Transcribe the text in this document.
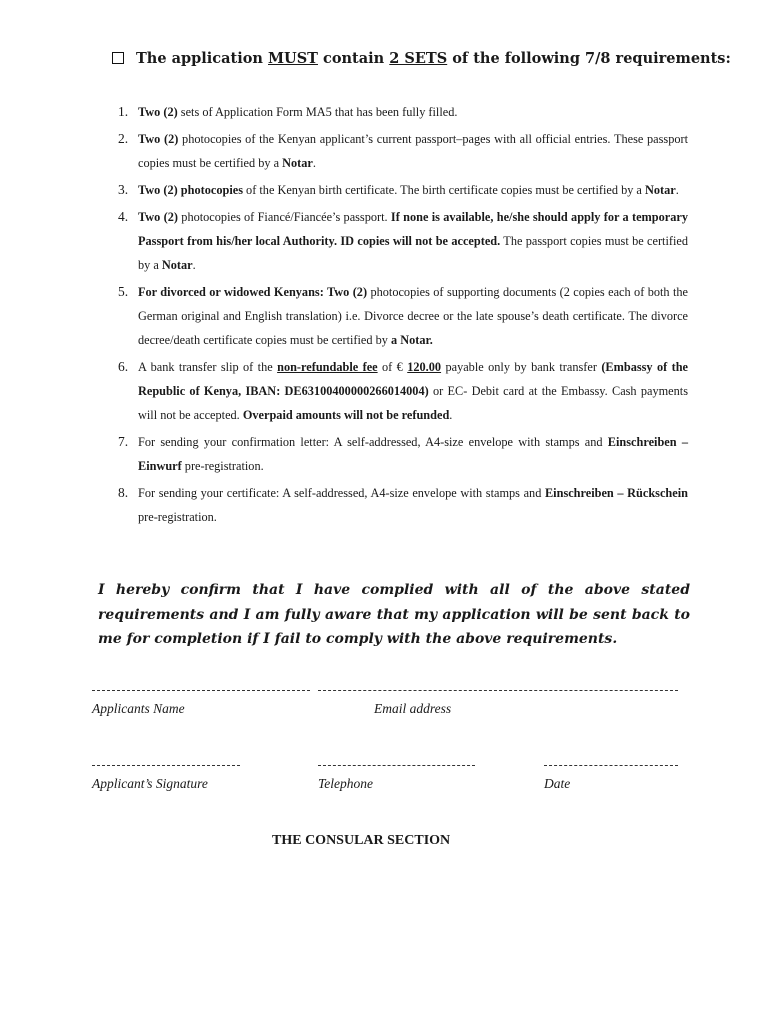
The application MUST contain 2 SETS of the following 7/8 requirements:
1. Two (2) sets of Application Form MA5 that has been fully filled.
2. Two (2) photocopies of the Kenyan applicant’s current passport–pages with all official entries. These passport copies must be certified by a Notar.
3. Two (2) photocopies of the Kenyan birth certificate. The birth certificate copies must be certified by a Notar.
4. Two (2) photocopies of Fiancé/Fiancée’s passport. If none is available, he/she should apply for a temporary Passport from his/her local Authority. ID copies will not be accepted. The passport copies must be certified by a Notar.
5. For divorced or widowed Kenyans: Two (2) photocopies of supporting documents (2 copies each of both the German original and English translation) i.e. Divorce decree or the late spouse’s death certificate. The divorce decree/death certificate copies must be certified by a Notar.
6. A bank transfer slip of the non-refundable fee of € 120.00 payable only by bank transfer (Embassy of the Republic of Kenya, IBAN: DE63100400000266014004) or EC- Debit card at the Embassy. Cash payments will not be accepted. Overpaid amounts will not be refunded.
7. For sending your confirmation letter: A self-addressed, A4-size envelope with stamps and Einschreiben – Einwurf pre-registration.
8. For sending your certificate: A self-addressed, A4-size envelope with stamps and Einschreiben – Rückschein pre-registration.
I hereby confirm that I have complied with all of the above stated requirements and I am fully aware that my application will be sent back to me for completion if I fail to comply with the above requirements.
Applicants Name	Email address
Applicant’s Signature	Telephone	Date
THE CONSULAR SECTION
